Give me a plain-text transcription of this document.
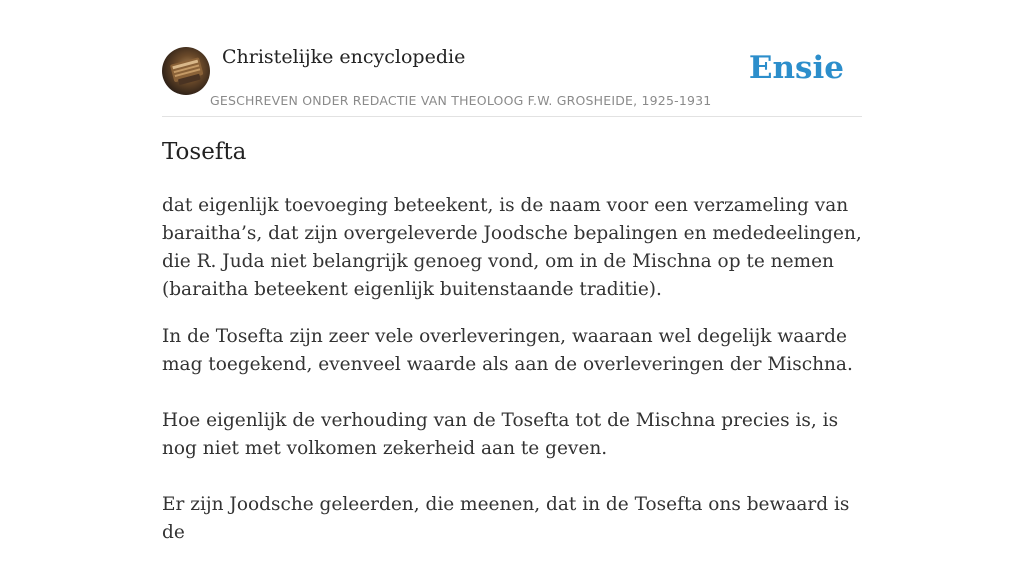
Christelijke encyclopedie
GESCHREVEN ONDER REDACTIE VAN THEOLOOG F.W. GROSHEIDE, 1925-1931
Ensie
Tosefta

dat eigenlijk toevoeging beteekent, is de naam voor een verzameling van baraitha’s, dat zijn overgeleverde Joodsche bepalingen en mededeelingen, die R. Juda niet belangrijk genoeg vond, om in de Mischna op te nemen (baraitha beteekent eigenlijk buitenstaande traditie).

In de Tosefta zijn zeer vele overleveringen, waaraan wel degelijk waarde mag toegekend, evenveel waarde als aan de overleveringen der Mischna.

Hoe eigenlijk de verhouding van de Tosefta tot de Mischna precies is, is nog niet met volkomen zekerheid aan te geven.

Er zijn Joodsche geleerden, die meenen, dat in de Tosefta ons bewaard is de
